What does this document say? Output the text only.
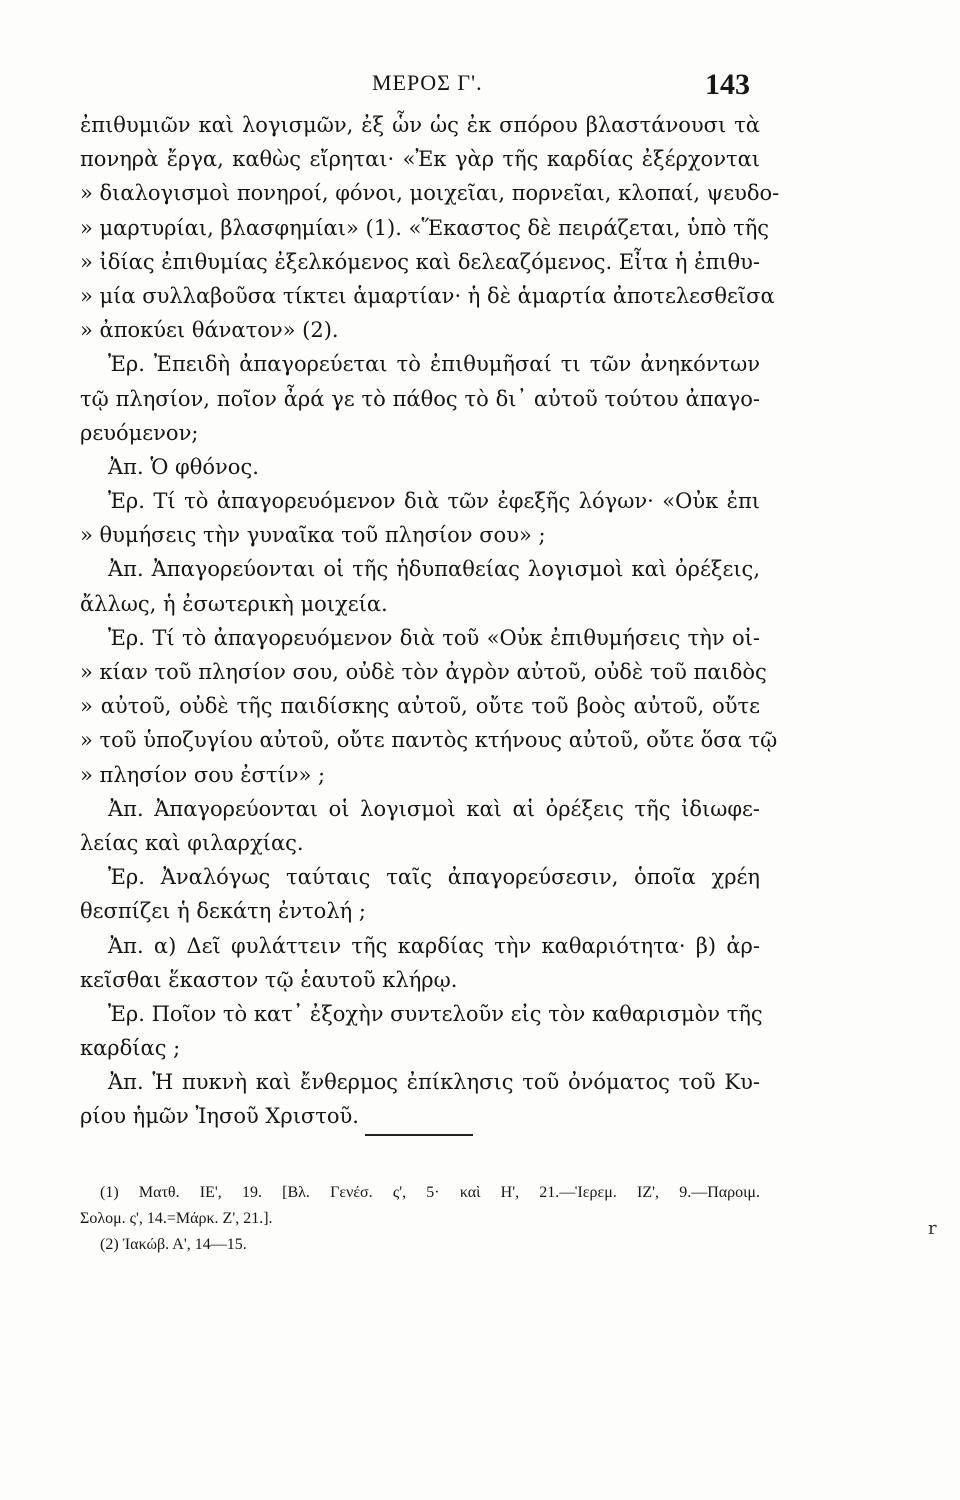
ΜΕΡΟΣ Γ'.	143
ἐπιθυμιῶν καὶ λογισμῶν, ἐξ ὧν ὡς ἐκ σπόρου βλαστάνουσι τὰ
πονηρὰ ἔργα, καθὼς εἴρηται· «Ἐκ γὰρ τῆς καρδίας ἐξέρχονται
» διαλογισμοὶ πονηροί, φόνοι, μοιχεῖαι, πορνεῖαι, κλοπαί, ψευδο-
» μαρτυρίαι, βλασφημίαι» (1). «Ἕκαστος δὲ πειράζεται, ὑπὸ τῆς
» ἰδίας ἐπιθυμίας ἐξελκόμενος καὶ δελεαζόμενος. Εἶτα ἡ ἐπιθυ-
» μία συλλαβοῦσα τίκτει ἁμαρτίαν· ἡ δὲ ἁμαρτία ἀποτελεσθεῖσα
» ἀποκύει θάνατον» (2).
Ἐρ. Ἐπειδὴ ἀπαγορεύεται τὸ ἐπιθυμῆσαί τι τῶν ἀνηκόντων
τῷ πλησίον, ποῖον ἆρά γε τὸ πάθος τὸ δι᾿ αὐτοῦ τούτου ἀπαγο-
ρευόμενον;
Ἀπ. Ὁ φθόνος.
Ἐρ. Τί τὸ ἀπαγορευόμενον διὰ τῶν ἐφεξῆς λόγων· «Οὐκ ἐπι
» θυμήσεις τὴν γυναῖκα τοῦ πλησίον σου» ;
Ἀπ. Ἀπαγορεύονται οἱ τῆς ἡδυπαθείας λογισμοὶ καὶ ὀρέξεις,
ἄλλως, ἡ ἐσωτερικὴ μοιχεία.
Ἐρ. Τί τὸ ἀπαγορευόμενον διὰ τοῦ «Οὐκ ἐπιθυμήσεις τὴν οἰ-
» κίαν τοῦ πλησίον σου, οὐδὲ τὸν ἀγρὸν αὐτοῦ, οὐδὲ τοῦ παιδὸς
» αὐτοῦ, οὐδὲ τῆς παιδίσκης αὐτοῦ, οὔτε τοῦ βοὸς αὐτοῦ, οὔτε
» τοῦ ὑποζυγίου αὐτοῦ, οὔτε παντὸς κτήνους αὐτοῦ, οὔτε ὅσα τῷ
» πλησίον σου ἐστίν» ;
Ἀπ. Ἀπαγορεύονται οἱ λογισμοὶ καὶ αἱ ὀρέξεις τῆς ἰδιωφε-
λείας καὶ φιλαρχίας.
Ἐρ. Ἀναλόγως ταύταις ταῖς ἀπαγορεύσεσιν, ὁποῖα χρέη
θεσπίζει ἡ δεκάτη ἐντολή ;
Ἀπ. α) Δεῖ φυλάττειν τῆς καρδίας τὴν καθαριότητα· β) ἀρ-
κεῖσθαι ἕκαστον τῷ ἑαυτοῦ κλήρῳ.
Ἐρ. Ποῖον τὸ κατ᾿ ἐξοχὴν συντελοῦν εἰς τὸν καθαρισμὸν τῆς
καρδίας ;
Ἀπ. Ἡ πυκνὴ καὶ ἔνθερμος ἐπίκλησις τοῦ ὀνόματος τοῦ Κυ-
ρίου ἡμῶν Ἰησοῦ Χριστοῦ.
(1) Ματθ. ΙΕ', 19. [Βλ. Γενέσ. ς', 5· καὶ Η', 21.—Ἱερεμ. ΙΖ', 9.—Παροιμ.
Σολομ. ς', 14.=Μάρκ. Ζ', 21.].
(2) Ἰακώβ. Α', 14—15.
r
